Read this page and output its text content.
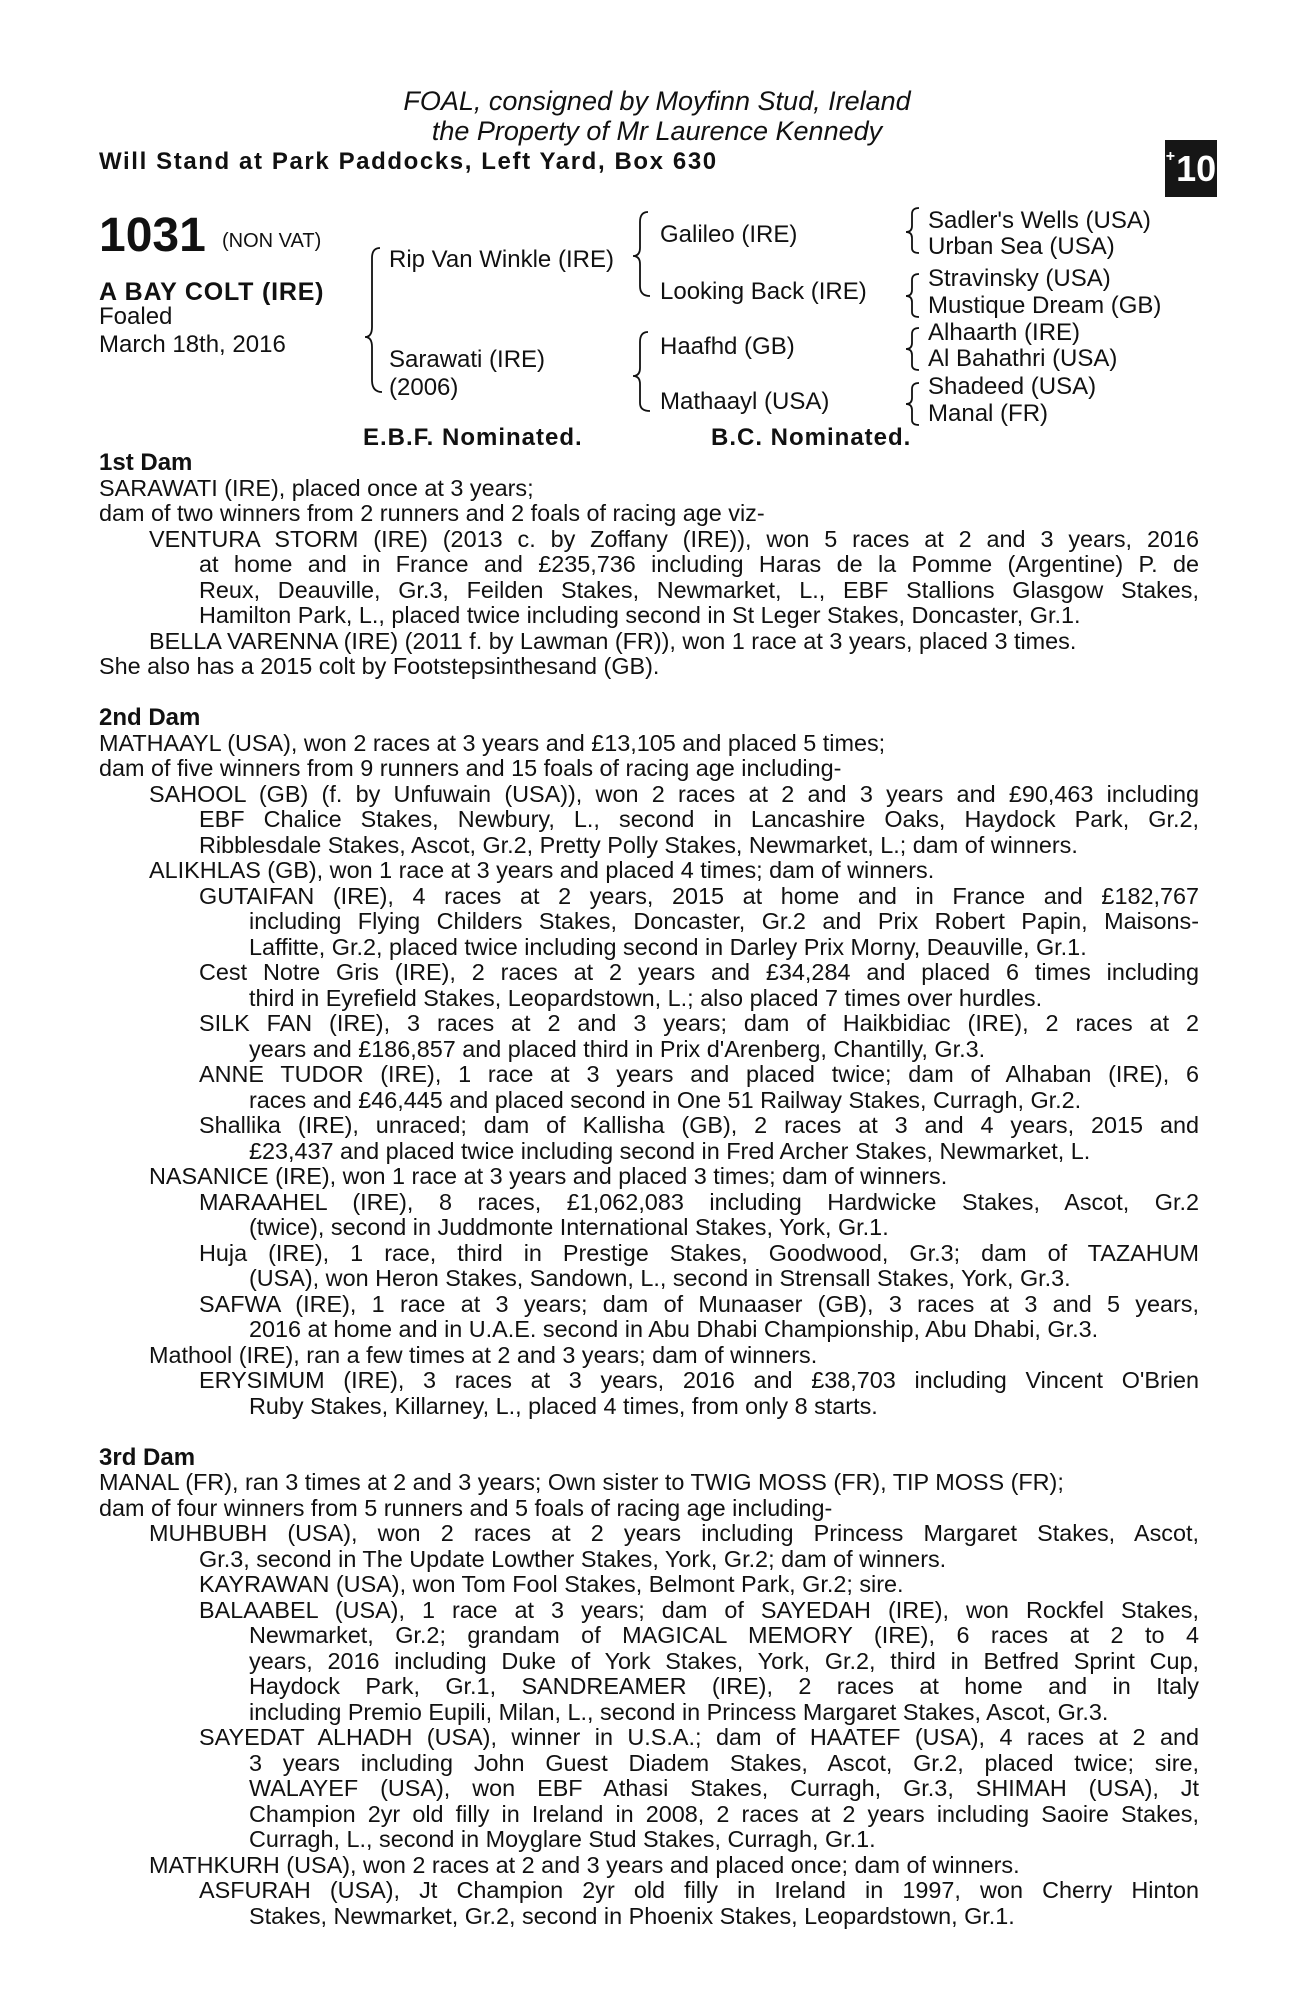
FOAL, consigned by Moyfinn Stud, Ireland
the Property of Mr Laurence Kennedy
Will Stand at Park Paddocks, Left Yard, Box 630	+ 10
1031 (NON VAT)
A BAY COLT (IRE)
Foaled
March 18th, 2016
Rip Van Winkle (IRE)
Sarawati (IRE)
(2006)
Galileo (IRE)
Looking Back (IRE)
Haafhd (GB)
Mathaayl (USA)
Sadler's Wells (USA)
Urban Sea (USA)
Stravinsky (USA)
Mustique Dream (GB)
Alhaarth (IRE)
Al Bahathri (USA)
Shadeed (USA)
Manal (FR)
E.B.F. Nominated.	B.C. Nominated.
1st Dam
SARAWATI (IRE), placed once at 3 years;
dam of two winners from 2 runners and 2 foals of racing age viz-
VENTURA STORM (IRE) (2013 c. by Zoffany (IRE)), won 5 races at 2 and 3 years, 2016
at home and in France and £235,736 including Haras de la Pomme (Argentine) P. de
Reux, Deauville, Gr.3, Feilden Stakes, Newmarket, L., EBF Stallions Glasgow Stakes,
Hamilton Park, L., placed twice including second in St Leger Stakes, Doncaster, Gr.1.
BELLA VARENNA (IRE) (2011 f. by Lawman (FR)), won 1 race at 3 years, placed 3 times.
She also has a 2015 colt by Footstepsinthesand (GB).
2nd Dam
MATHAAYL (USA), won 2 races at 3 years and £13,105 and placed 5 times;
dam of five winners from 9 runners and 15 foals of racing age including-
SAHOOL (GB) (f. by Unfuwain (USA)), won 2 races at 2 and 3 years and £90,463 including
EBF Chalice Stakes, Newbury, L., second in Lancashire Oaks, Haydock Park, Gr.2,
Ribblesdale Stakes, Ascot, Gr.2, Pretty Polly Stakes, Newmarket, L.; dam of winners.
ALIKHLAS (GB), won 1 race at 3 years and placed 4 times; dam of winners.
GUTAIFAN (IRE), 4 races at 2 years, 2015 at home and in France and £182,767
including Flying Childers Stakes, Doncaster, Gr.2 and Prix Robert Papin, Maisons-
Laffitte, Gr.2, placed twice including second in Darley Prix Morny, Deauville, Gr.1.
Cest Notre Gris (IRE), 2 races at 2 years and £34,284 and placed 6 times including
third in Eyrefield Stakes, Leopardstown, L.; also placed 7 times over hurdles.
SILK FAN (IRE), 3 races at 2 and 3 years; dam of Haikbidiac (IRE), 2 races at 2
years and £186,857 and placed third in Prix d'Arenberg, Chantilly, Gr.3.
ANNE TUDOR (IRE), 1 race at 3 years and placed twice; dam of Alhaban (IRE), 6
races and £46,445 and placed second in One 51 Railway Stakes, Curragh, Gr.2.
Shallika (IRE), unraced; dam of Kallisha (GB), 2 races at 3 and 4 years, 2015 and
£23,437 and placed twice including second in Fred Archer Stakes, Newmarket, L.
NASANICE (IRE), won 1 race at 3 years and placed 3 times; dam of winners.
MARAAHEL (IRE), 8 races, £1,062,083 including Hardwicke Stakes, Ascot, Gr.2
(twice), second in Juddmonte International Stakes, York, Gr.1.
Huja (IRE), 1 race, third in Prestige Stakes, Goodwood, Gr.3; dam of TAZAHUM
(USA), won Heron Stakes, Sandown, L., second in Strensall Stakes, York, Gr.3.
SAFWA (IRE), 1 race at 3 years; dam of Munaaser (GB), 3 races at 3 and 5 years,
2016 at home and in U.A.E. second in Abu Dhabi Championship, Abu Dhabi, Gr.3.
Mathool (IRE), ran a few times at 2 and 3 years; dam of winners.
ERYSIMUM (IRE), 3 races at 3 years, 2016 and £38,703 including Vincent O'Brien
Ruby Stakes, Killarney, L., placed 4 times, from only 8 starts.
3rd Dam
MANAL (FR), ran 3 times at 2 and 3 years; Own sister to TWIG MOSS (FR), TIP MOSS (FR);
dam of four winners from 5 runners and 5 foals of racing age including-
MUHBUBH (USA), won 2 races at 2 years including Princess Margaret Stakes, Ascot,
Gr.3, second in The Update Lowther Stakes, York, Gr.2; dam of winners.
KAYRAWAN (USA), won Tom Fool Stakes, Belmont Park, Gr.2; sire.
BALAABEL (USA), 1 race at 3 years; dam of SAYEDAH (IRE), won Rockfel Stakes,
Newmarket, Gr.2; grandam of MAGICAL MEMORY (IRE), 6 races at 2 to 4
years, 2016 including Duke of York Stakes, York, Gr.2, third in Betfred Sprint Cup,
Haydock Park, Gr.1, SANDREAMER (IRE), 2 races at home and in Italy
including Premio Eupili, Milan, L., second in Princess Margaret Stakes, Ascot, Gr.3.
SAYEDAT ALHADH (USA), winner in U.S.A.; dam of HAATEF (USA), 4 races at 2 and
3 years including John Guest Diadem Stakes, Ascot, Gr.2, placed twice; sire,
WALAYEF (USA), won EBF Athasi Stakes, Curragh, Gr.3, SHIMAH (USA), Jt
Champion 2yr old filly in Ireland in 2008, 2 races at 2 years including Saoire Stakes,
Curragh, L., second in Moyglare Stud Stakes, Curragh, Gr.1.
MATHKURH (USA), won 2 races at 2 and 3 years and placed once; dam of winners.
ASFURAH (USA), Jt Champion 2yr old filly in Ireland in 1997, won Cherry Hinton
Stakes, Newmarket, Gr.2, second in Phoenix Stakes, Leopardstown, Gr.1.
